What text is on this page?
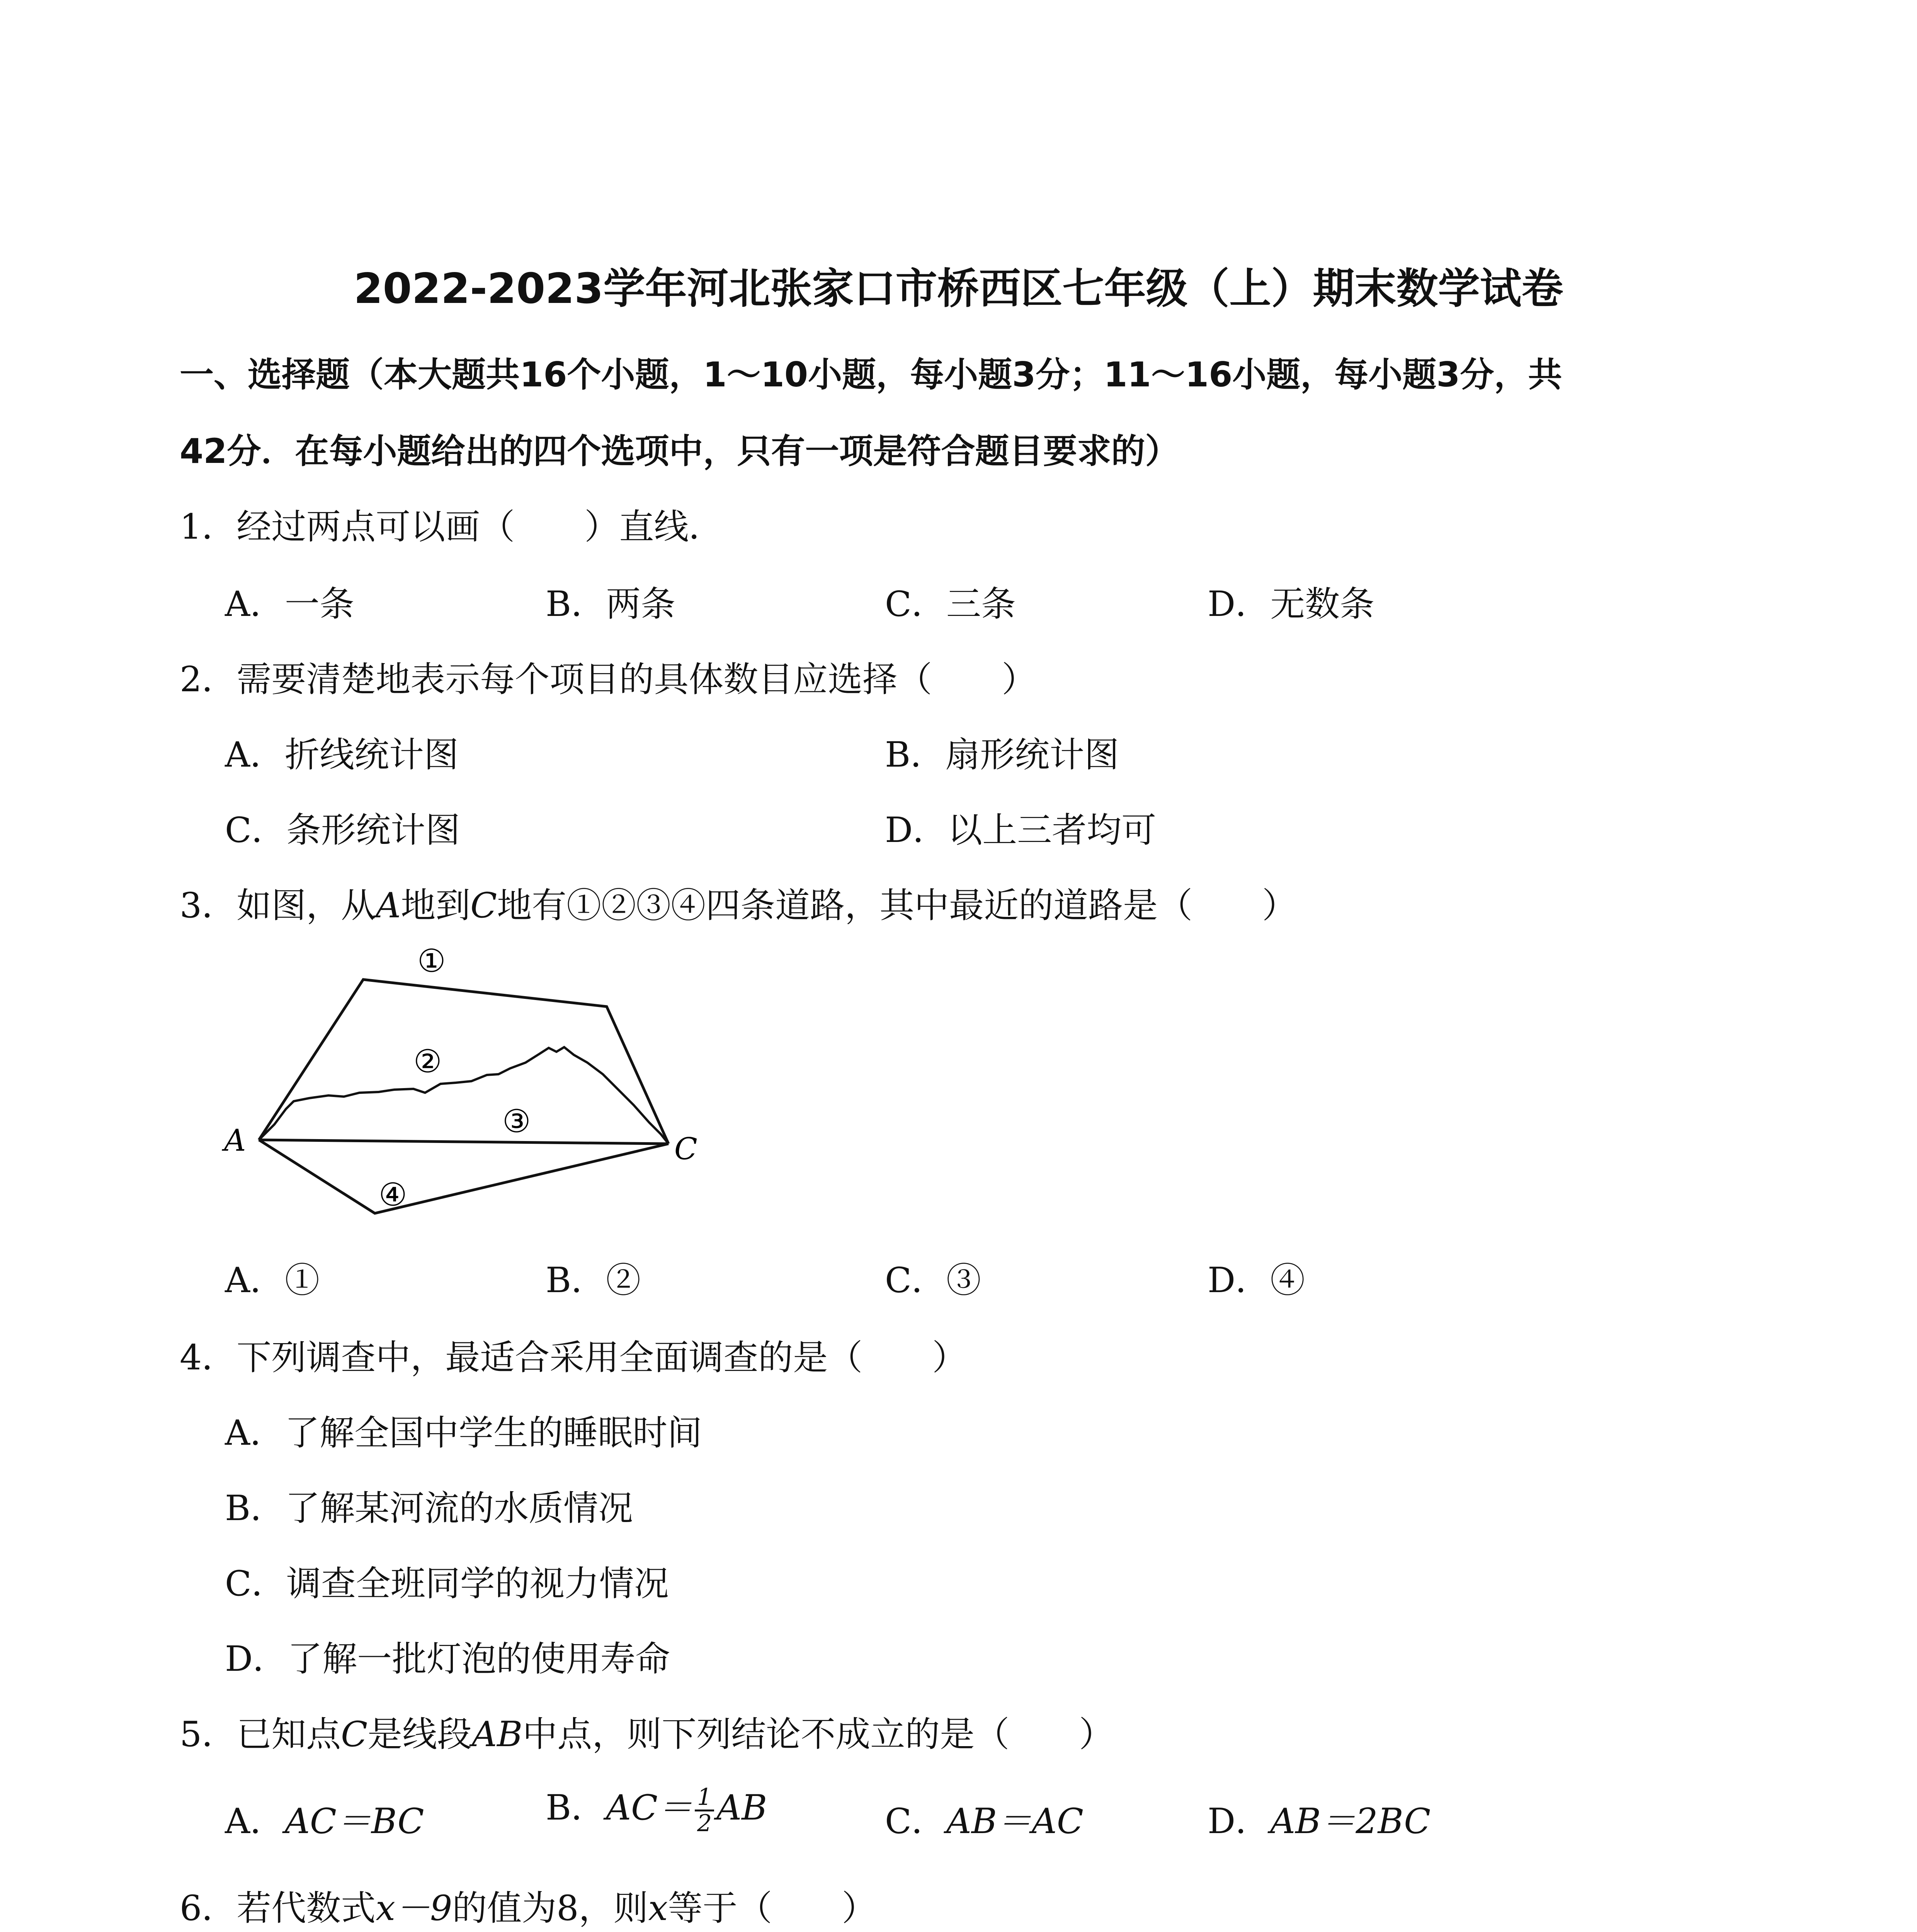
2022-2023学年河北张家口市桥西区七年级（上）期末数学试卷
一、选择题（本大题共16个小题，1～10小题，每小题3分；11～16小题，每小题3分，共
42分．在每小题给出的四个选项中，只有一项是符合题目要求的）
1．经过两点可以画（　　）直线．
A．一条	B．两条	C．三条	D．无数条
2．需要清楚地表示每个项目的具体数目应选择（　　）
A．折线统计图	B．扇形统计图
C．条形统计图	D．以上三者均可
3．如图，从A地到C地有①②③④四条道路，其中最近的道路是（　　）
A	C
①
②
③
④
A．①	B．②	C．③	D．④
4．下列调查中，最适合采用全面调查的是（　　）
A．了解全国中学生的睡眠时间
B．了解某河流的水质情况
C．调查全班同学的视力情况
D．了解一批灯泡的使用寿命
5．已知点C是线段AB中点，则下列结论不成立的是（　　）
A．AC＝BC	B．$AC= \frac{1}{2}$ AB	C．AB＝AC	D．AB＝2BC
6．若代数式x－9的值为8，则x等于（　　）
